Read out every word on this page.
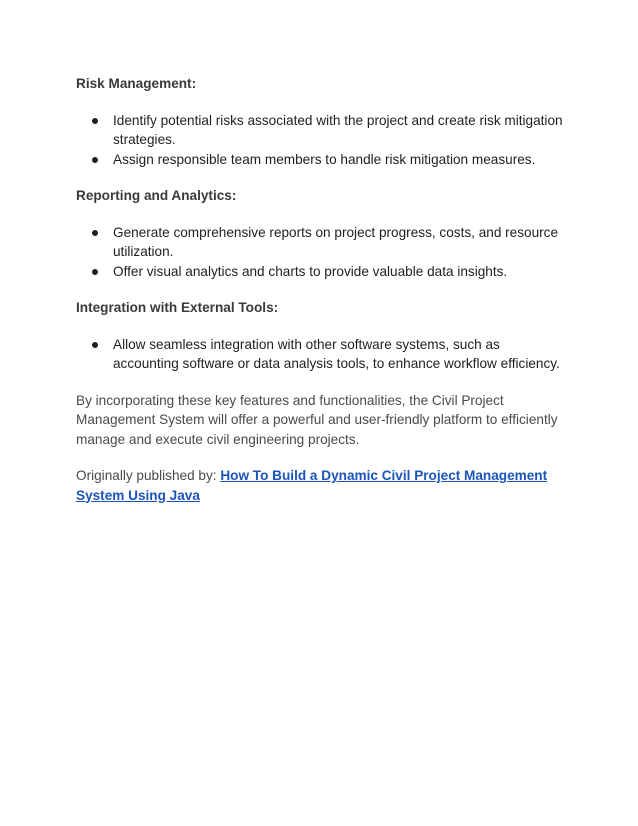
Risk Management:
Identify potential risks associated with the project and create risk mitigation strategies.
Assign responsible team members to handle risk mitigation measures.
Reporting and Analytics:
Generate comprehensive reports on project progress, costs, and resource utilization.
Offer visual analytics and charts to provide valuable data insights.
Integration with External Tools:
Allow seamless integration with other software systems, such as accounting software or data analysis tools, to enhance workflow efficiency.

By incorporating these key features and functionalities, the Civil Project Management System will offer a powerful and user-friendly platform to efficiently manage and execute civil engineering projects.

Originally published by: How To Build a Dynamic Civil Project Management System Using Java
